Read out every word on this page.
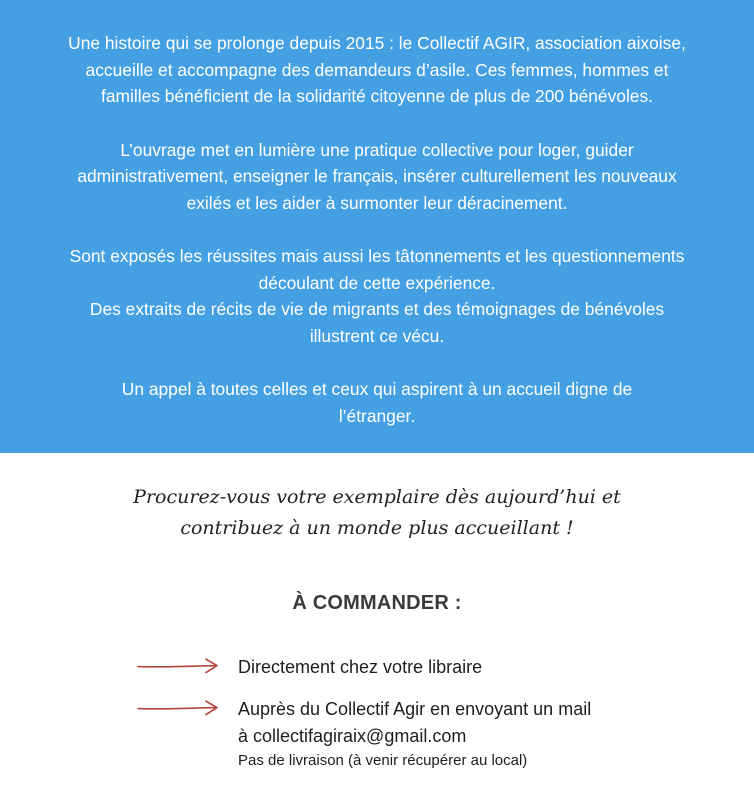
Une histoire qui se prolonge depuis 2015 : le Collectif AGIR, association aixoise,
accueille et accompagne des demandeurs d’asile. Ces femmes, hommes et
familles bénéficient de la solidarité citoyenne de plus de 200 bénévoles.

L’ouvrage met en lumière une pratique collective pour loger, guider
administrativement, enseigner le français, insérer culturellement les nouveaux
exilés et les aider à surmonter leur déracinement.

Sont exposés les réussites mais aussi les tâtonnements et les questionnements
découlant de cette expérience.

Des extraits de récits de vie de migrants et des témoignages de bénévoles
illustrent ce vécu.

Un appel à toutes celles et ceux qui aspirent à un accueil digne de
l’étranger.

Procurez-vous votre exemplaire dès aujourd’hui et
contribuez à un monde plus accueillant !
À COMMANDER :
Directement chez votre libraire
Auprès du Collectif Agir en envoyant un mail
à collectifagiraix@gmail.com
Pas de livraison (à venir récupérer au local)
